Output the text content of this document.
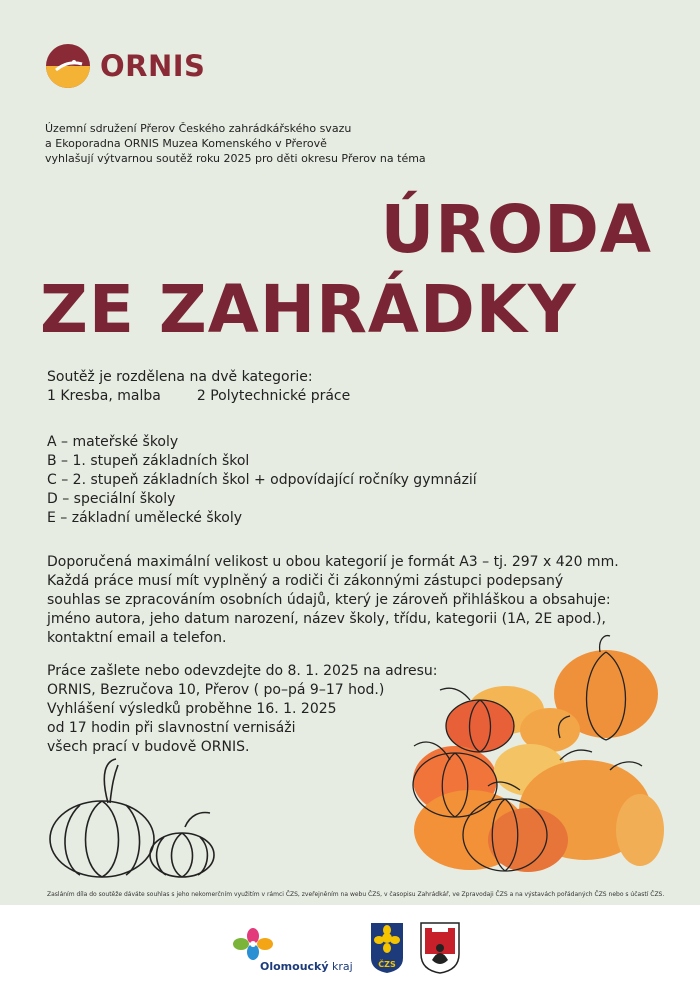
ORNIS
Územní sdružení Přerov Českého zahrádkářského svazu
a Ekoporadna ORNIS Muzea Komenského v Přerově
vyhlašují výtvarnou soutěž roku 2025 pro děti okresu Přerov na téma
ÚRODA
ZE ZAHRÁDKY
Soutěž je rozdělena na dvě kategorie:
1 Kresba, malba	2 Polytechnické práce
A – mateřské školy
B – 1. stupeň základních škol
C – 2. stupeň základních škol + odpovídající ročníky gymnázií
D – speciální školy
E – základní umělecké školy
Doporučená maximální velikost u obou kategorií je formát A3 – tj. 297 x 420 mm.
Každá práce musí mít vyplněný a rodiči či zákonnými zástupci podepsaný
souhlas se zpracováním osobních údajů, který je zároveň přihláškou a obsahuje:
jméno autora, jeho datum narození, název školy, třídu, kategorii (1A, 2E apod.),
kontaktní email a telefon.
Práce zašlete nebo odevzdejte do 8. 1. 2025 na adresu:
ORNIS, Bezručova 10, Přerov ( po–pá 9–17 hod.)
Vyhlášení výsledků proběhne 16. 1. 2025
od 17 hodin při slavnostní vernisáži
všech prací v budově ORNIS.
Zasláním díla do soutěže dáváte souhlas s jeho nekomerčním využitím v rámci ČZS, zveřejněním na webu ČZS, v časopisu Zahrádkář, ve Zpravodaji ČZS a na výstavách pořádaných ČZS nebo s účastí ČZS.
Olomoucký kraj	ČZS
